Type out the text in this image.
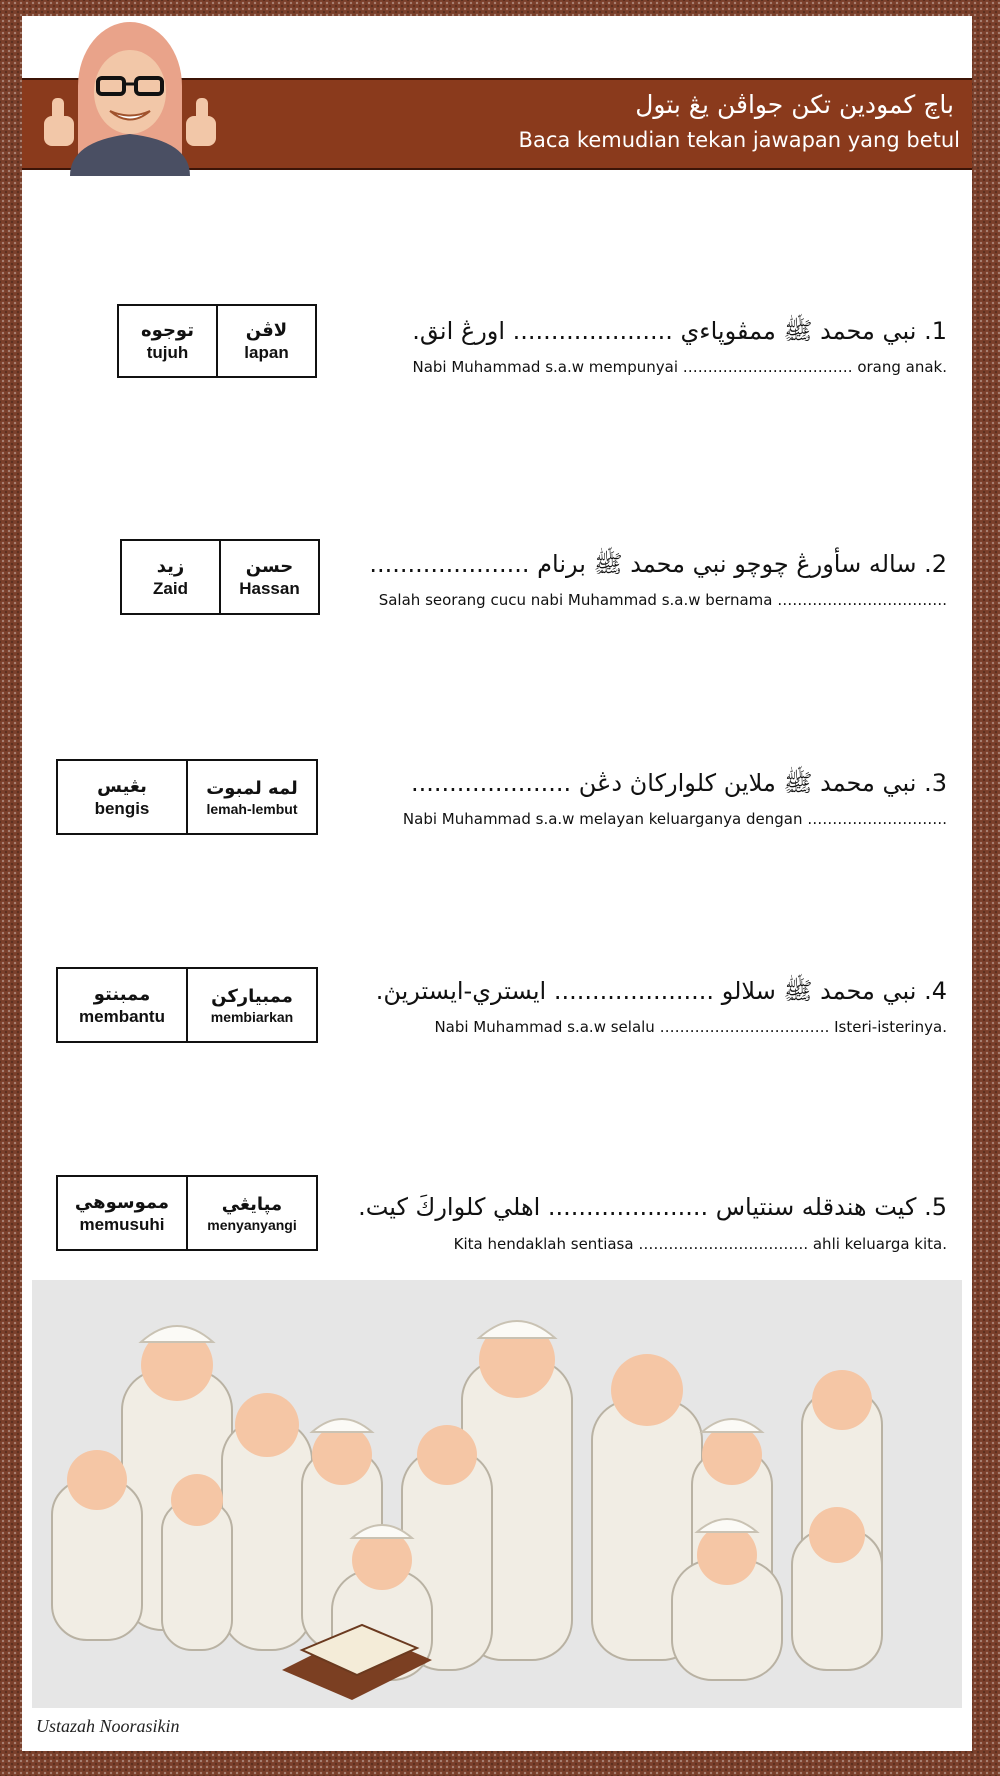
باچ كمودين تكن جواڤن يڠ بتول
Baca kemudian tekan jawapan yang betul
1. نبي محمد ﷺ ممڤوڽاءي ..................... اورڠ انق.
Nabi Muhammad s.a.w mempunyai ……………………………. orang anak.
لاڤن
lapan
توجوه
tujuh
2. ساله سأورڠ چوچو نبي محمد ﷺ برنام .....................
Salah seorang cucu nabi Muhammad s.a.w bernama …………………………….
حسن
Hassan
زيد
Zaid
3. نبي محمد ﷺ ملاين كلواركاڽ دڠن .....................
Nabi Muhammad s.a.w melayan keluarganya dengan ……………………….
لمه لمبوت
lemah-lembut
بڠيس
bengis
4. نبي محمد ﷺ سلالو ..................... ايستري-ايستريڽ.
Nabi Muhammad s.a.w selalu ……………………………. Isteri-isterinya.
ممبياركن
membiarkan
ممبنتو
membantu
5. كيت هندقله سنتياس ..................... اهلي كلواركَ كيت.
Kita hendaklah sentiasa ……………………………. ahli keluarga kita.
مڽايڠي
menyanyangi
مموسوهي
memusuhi
Ustazah Noorasikin
